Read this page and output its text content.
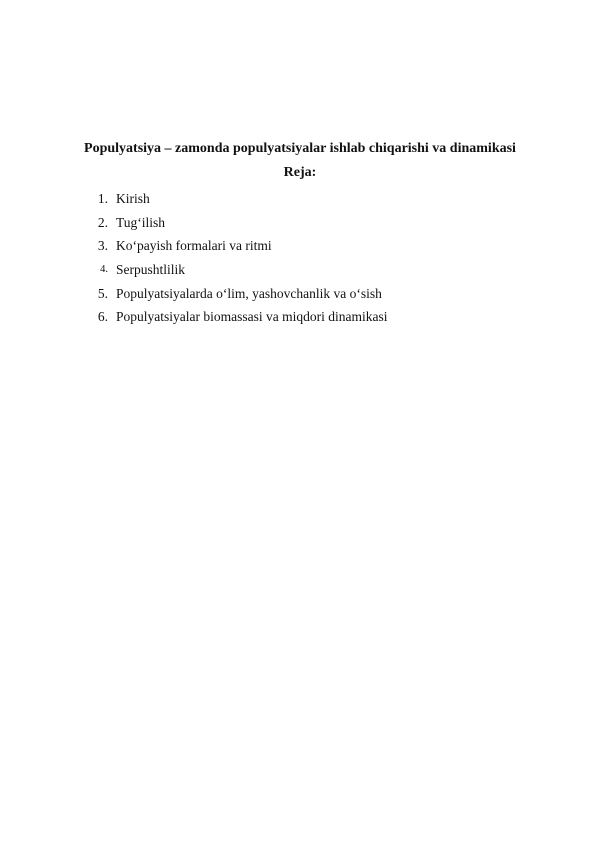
Populyatsiya – zamonda populyatsiyalar ishlab chiqarishi va dinamikasi
Reja:
1. Kirish
2. Tug‘ilish
3. Ko‘payish formalari va ritmi
4. Serpushtlilik
5. Populyatsiyalarda o‘lim, yashovchanlik va o‘sish
6. Populyatsiyalar biomassasi va miqdori dinamikasi
